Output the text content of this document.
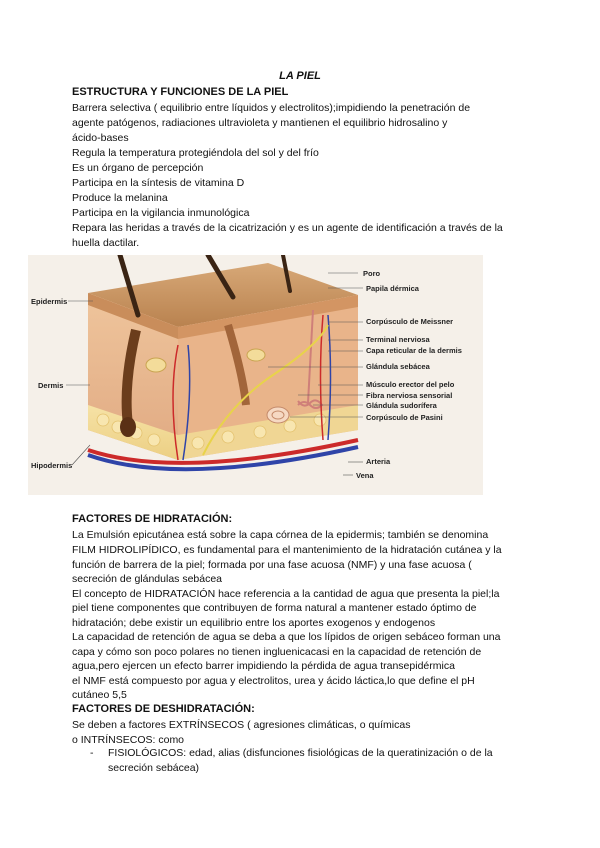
LA PIEL
ESTRUCTURA Y FUNCIONES DE LA PIEL
Barrera selectiva ( equilibrio entre líquidos y electrolitos);impidiendo la penetración de
agente patógenos, radiaciones ultravioleta y mantienen el equilibrio hidrosalino y
ácido-bases
Regula la temperatura protegiéndola del sol y del frío
Es un órgano de percepción
Participa en la síntesis de vitamina D
Produce la melanina
Participa en la vigilancia inmunológica
Repara las heridas a través de la cicatrización y es un agente de identificación a través de la
huella dactilar.
Epidermis
Dermis
Hipodermis
Poro
Papila dérmica
Corpúsculo de Meissner
Terminal nerviosa
Capa reticular de la dermis
Glándula sebácea
Músculo erector del pelo
Fibra nerviosa sensorial
Glándula sudorífera
Corpúsculo de Pasini
Arteria
Vena
FACTORES DE HIDRATACIÓN:
La Emulsión epicutánea está sobre la capa córnea de la epidermis; también se denomina
FILM HIDROLIPÍDICO, es fundamental para el mantenimiento de la hidratación cutánea y la
función de barrera de la piel; formada por una fase acuosa (NMF) y una fase acuosa (
secreción de glándulas sebácea
El concepto de HIDRATACIÓN hace referencia a la cantidad de agua que presenta la piel;la
piel tiene componentes que contribuyen de forma natural a mantener estado óptimo de
hidratación; debe existir un equilibrio entre los aportes exogenos y endogenos
La capacidad de retención de agua se deba a que los lípidos de origen sebáceo forman una
capa y cómo son poco polares no tienen ingluenicacasi en la capacidad de retención de
agua,pero ejercen un efecto barrer impidiendo la pérdida de agua transepidérmica
el NMF está compuesto por agua y electrolitos, urea y ácido láctica,lo que define el pH
cutáneo 5,5
FACTORES DE DESHIDRATACIÓN:
Se deben a factores EXTRÍNSECOS ( agresiones climáticas, o químicas
o INTRÍNSECOS: como
- FISIOLÓGICOS: edad, alias (disfunciones fisiológicas de la queratinización o de la secreción sebácea)
